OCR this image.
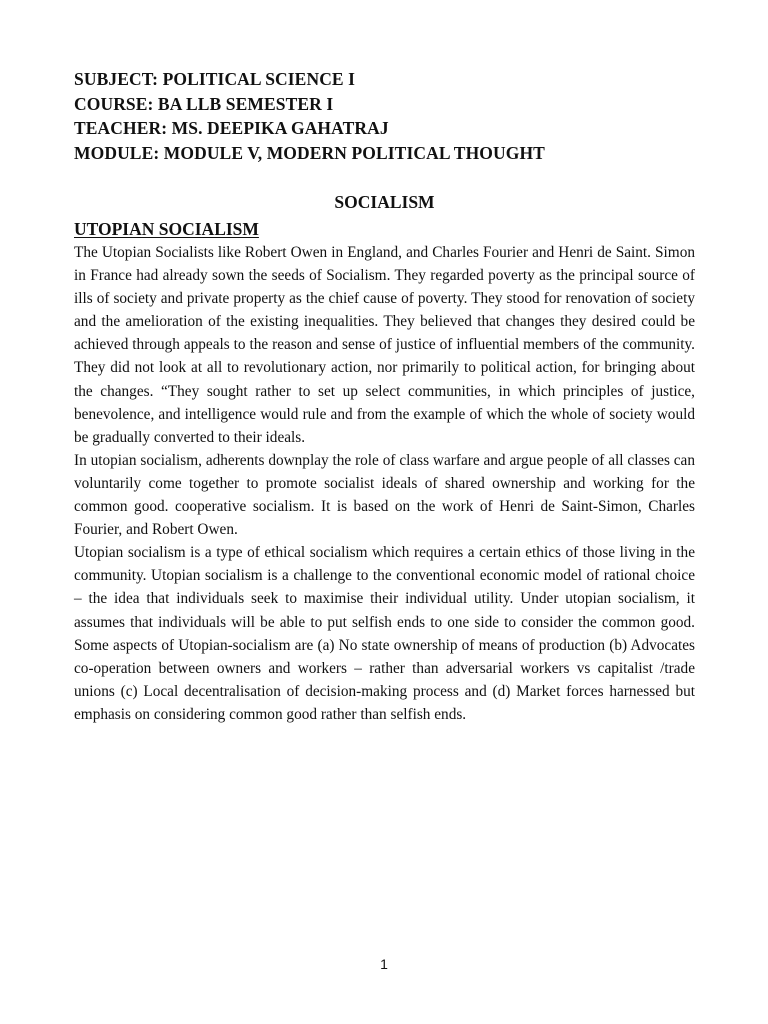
SUBJECT: POLITICAL SCIENCE I
COURSE: BA LLB SEMESTER I
TEACHER: MS. DEEPIKA GAHATRAJ
MODULE: MODULE V, MODERN POLITICAL THOUGHT
SOCIALISM
UTOPIAN SOCIALISM

The Utopian Socialists like Robert Owen in England, and Charles Fourier and Henri de Saint. Simon in France had already sown the seeds of Socialism. They regarded poverty as the principal source of ills of society and private property as the chief cause of poverty. They stood for renovation of society and the amelioration of the existing inequalities. They believed that changes they desired could be achieved through appeals to the reason and sense of justice of influential members of the community. They did not look at all to revolutionary action, nor primarily to political action, for bringing about the changes. “They sought rather to set up select communities, in which principles of justice, benevolence, and intelligence would rule and from the example of which the whole of society would be gradually converted to their ideals.

In utopian socialism, adherents downplay the role of class warfare and argue people of all classes can voluntarily come together to promote socialist ideals of shared ownership and working for the common good. cooperative socialism. It is based on the work of Henri de Saint-Simon, Charles Fourier, and Robert Owen.

Utopian socialism is a type of ethical socialism which requires a certain ethics of those living in the community. Utopian socialism is a challenge to the conventional economic model of rational choice – the idea that individuals seek to maximise their individual utility. Under utopian socialism, it assumes that individuals will be able to put selfish ends to one side to consider the common good. Some aspects of Utopian-socialism are (a) No state ownership of means of production (b) Advocates co-operation between owners and workers – rather than adversarial workers vs capitalist /trade unions (c) Local decentralisation of decision-making process and (d) Market forces harnessed but emphasis on considering common good rather than selfish ends.

1
